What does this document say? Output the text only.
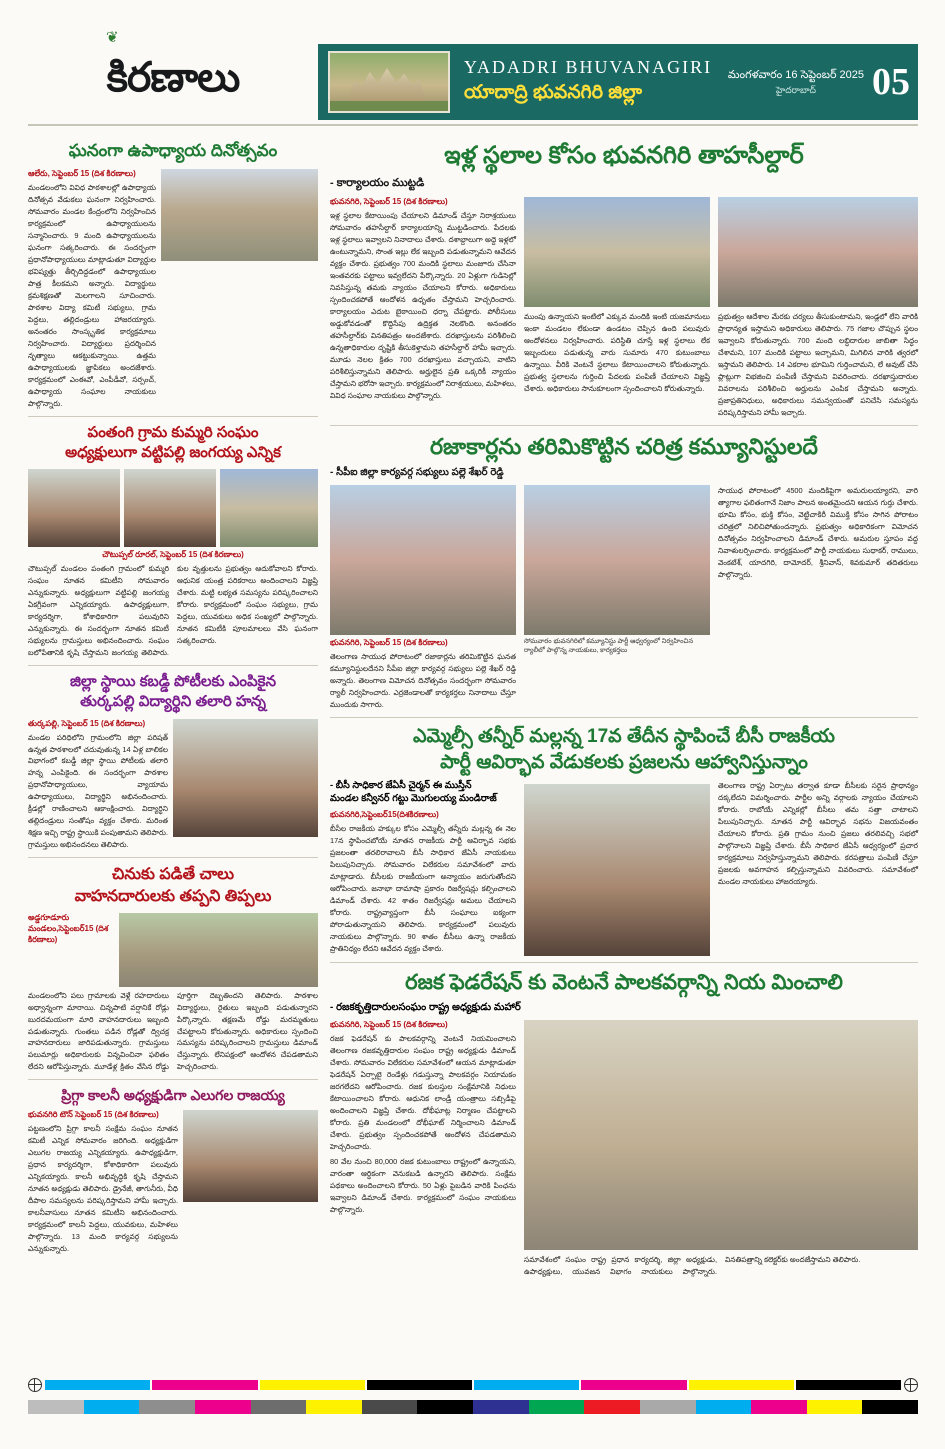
కిరణాలు
❦
YADADRI BHUVANAGIRI
యాదాద్రి భువనగిరి జిల్లా
మంగళవారం 16 సెప్టెంబర్ 2025
హైదరాబాద్	05
ఘనంగా ఉపాధ్యాయ దినోత్సవం
ఆలేరు, సెప్టెంబర్ 15 (దిశ కిరణాలు)
మండలంలోని వివిధ పాఠశాలల్లో ఉపాధ్యాయ దినోత్సవ వేడుకలు ఘనంగా నిర్వహించారు. సోమవారం మండల కేంద్రంలోని నిర్వహించిన కార్యక్రమంలో ఉపాధ్యాయులను సన్మానించారు. 9 మంది ఉపాధ్యాయులను ఘనంగా సత్కరించారు. ఈ సందర్భంగా ప్రధానోపాధ్యాయులు మాట్లాడుతూ విద్యార్థుల భవిష్యత్తు తీర్చిదిద్దడంలో ఉపాధ్యాయుల పాత్ర కీలకమని అన్నారు. విద్యార్థులు క్రమశిక్షణతో మెలగాలని సూచించారు. పాఠశాల విద్యా కమిటీ సభ్యులు, గ్రామ పెద్దలు, తల్లిదండ్రులు హాజరయ్యారు. అనంతరం సాంస్కృతిక కార్యక్రమాలు నిర్వహించారు. విద్యార్థులు ప్రదర్శించిన నృత్యాలు ఆకట్టుకున్నాయి. ఉత్తమ ఉపాధ్యాయులకు జ్ఞాపికలు అందజేశారు. కార్యక్రమంలో ఎంఈవో, ఎంపీడీవో, సర్పంచ్, ఉపాధ్యాయ సంఘాల నాయకులు పాల్గొన్నారు.
పంతంగి గ్రామ కుమ్మరి సంఘం
అధ్యక్షులుగా వట్టిపల్లి జంగయ్య ఎన్నిక
చౌటుప్పల్ రూరల్, సెప్టెంబర్ 15 (దిశ కిరణాలు)
చౌటుప్పల్ మండలం పంతంగి గ్రామంలో కుమ్మరి సంఘం నూతన కమిటీని సోమవారం ఎన్నుకున్నారు. అధ్యక్షులుగా వట్టిపల్లి జంగయ్య ఏకగ్రీవంగా ఎన్నికయ్యారు. ఉపాధ్యక్షులుగా, కార్యదర్శిగా, కోశాధికారిగా పలువురిని ఎన్నుకున్నారు. ఈ సందర్భంగా నూతన కమిటీ సభ్యులను గ్రామస్తులు అభినందించారు. సంఘం బలోపేతానికి కృషి చేస్తామని జంగయ్య తెలిపారు. కుల వృత్తులను ప్రభుత్వం ఆదుకోవాలని కోరారు. ఆధునిక యంత్ర పరికరాలు అందించాలని విజ్ఞప్తి చేశారు. మట్టి లభ్యత సమస్యను పరిష్కరించాలని కోరారు. కార్యక్రమంలో సంఘం సభ్యులు, గ్రామ పెద్దలు, యువకులు అధిక సంఖ్యలో పాల్గొన్నారు. నూతన కమిటీకి పూలమాలలు వేసి ఘనంగా సత్కరించారు.
జిల్లా స్థాయి కబడ్డీ పోటీలకు ఎంపికైన
తుర్కపల్లి విద్యార్థిని తలారి హన్న
తుర్కపల్లి, సెప్టెంబర్ 15 (దిశ కిరణాలు)
మండల పరిధిలోని గ్రామంలోని జిల్లా పరిషత్ ఉన్నత పాఠశాలలో చదువుతున్న 14 ఏళ్ల బాలికల విభాగంలో కబడ్డీ జిల్లా స్థాయి పోటీలకు తలారి హన్న ఎంపికైంది. ఈ సందర్భంగా పాఠశాల ప్రధానోపాధ్యాయులు, వ్యాయామ ఉపాధ్యాయులు, విద్యార్థిని అభినందించారు. క్రీడల్లో రాణించాలని ఆకాంక్షించారు. విద్యార్థిని తల్లిదండ్రులు సంతోషం వ్యక్తం చేశారు. మరింత శిక్షణ ఇచ్చి రాష్ట్ర స్థాయికి పంపుతామని తెలిపారు. గ్రామస్తులు అభినందనలు తెలిపారు.
చినుకు పడితే చాలు
వాహనదారులకు తప్పని తిప్పలు
అడ్డగూడూరు
మండలం,సెప్టెంబర్15 (దిశ కిరణాలు)
మండలంలోని పలు గ్రామాలకు వెళ్లే రహదారులు అధ్వాన్నంగా మారాయి. చిన్నపాటి వర్షానికే రోడ్లు బురదమయంగా మారి వాహనదారులు ఇబ్బంది పడుతున్నారు. గుంతలు పడిన రోడ్లతో ద్విచక్ర వాహనదారులు జారిపడుతున్నారు. గ్రామస్తులు పలుమార్లు అధికారులకు విన్నవించినా ఫలితం లేదని ఆరోపిస్తున్నారు. మూడేళ్ల క్రితం వేసిన రోడ్డు పూర్తిగా దెబ్బతిందని తెలిపారు. పాఠశాల విద్యార్థులు, రైతులు ఇబ్బంది పడుతున్నారని పేర్కొన్నారు. తక్షణమే రోడ్డు మరమ్మతులు చేపట్టాలని కోరుతున్నారు. అధికారులు స్పందించి సమస్యను పరిష్కరించాలని గ్రామస్తులు డిమాండ్ చేస్తున్నారు. లేనిపక్షంలో ఆందోళన చేపడతామని హెచ్చరించారు.
ప్రిగ్గా కాలనీ అధ్యక్షుడిగా ఎలుగల రాజయ్య
భువనగిరి టౌన్ సెప్టెంబర్ 15 (దిశ కిరణాలు)
పట్టణంలోని ప్రిగ్గా కాలనీ సంక్షేమ సంఘం నూతన కమిటీ ఎన్నిక సోమవారం జరిగింది. అధ్యక్షుడిగా ఎలుగల రాజయ్య ఎన్నికయ్యారు. ఉపాధ్యక్షుడిగా, ప్రధాన కార్యదర్శిగా, కోశాధికారిగా పలువురు ఎన్నికయ్యారు. కాలనీ అభివృద్ధికి కృషి చేస్తామని నూతన అధ్యక్షుడు తెలిపారు. డ్రైనేజీ, తాగునీరు, వీధి దీపాల సమస్యలను పరిష్కరిస్తామని హామీ ఇచ్చారు. కాలనీవాసులు నూతన కమిటీని అభినందించారు. కార్యక్రమంలో కాలనీ పెద్దలు, యువకులు, మహిళలు పాల్గొన్నారు. 13 మంది కార్యవర్గ సభ్యులను ఎన్నుకున్నారు.
ఇళ్ల స్థలాల కోసం భువనగిరి తాహసీల్దార్
- కార్యాలయం ముట్టడి
భువనగిరి, సెప్టెంబర్ 15 (దిశ కిరణాలు)
ఇళ్ల స్థలాల కేటాయింపు చేయాలని డిమాండ్ చేస్తూ నిరాశ్రయులు సోమవారం తహసీల్దార్ కార్యాలయాన్ని ముట్టడించారు. పేదలకు ఇళ్ల స్థలాలు ఇవ్వాలని నినాదాలు చేశారు. దశాబ్దాలుగా అద్దె ఇళ్లలో ఉంటున్నామని, సొంత ఇల్లు లేక ఇబ్బంది పడుతున్నామని ఆవేదన వ్యక్తం చేశారు. ప్రభుత్వం 700 మందికి స్థలాలు మంజూరు చేసినా ఇంతవరకు పట్టాలు ఇవ్వలేదని పేర్కొన్నారు. 20 ఏళ్లుగా గుడిసెల్లో నివసిస్తున్న తమకు న్యాయం చేయాలని కోరారు. అధికారులు స్పందించకపోతే ఆందోళన ఉధృతం చేస్తామని హెచ్చరించారు. కార్యాలయం ఎదుట బైఠాయించి ధర్నా చేపట్టారు. పోలీసులు అడ్డుకోవడంతో కొద్దిసేపు ఉద్రిక్తత నెలకొంది. అనంతరం తహసీల్దార్‌కు వినతిపత్రం అందజేశారు. దరఖాస్తులను పరిశీలించి ఉన్నతాధికారుల దృష్టికి తీసుకెళ్తామని తహసీల్దార్ హామీ ఇచ్చారు. మూడు నెలల క్రితం 700 దరఖాస్తులు వచ్చాయని, వాటిని పరిశీలిస్తున్నామని తెలిపారు. అర్హులైన ప్రతి ఒక్కరికీ న్యాయం చేస్తామని భరోసా ఇచ్చారు. కార్యక్రమంలో నిరాశ్రయులు, మహిళలు, వివిధ సంఘాల నాయకులు పాల్గొన్నారు.
ముంపు ఉన్నాయని ఇంటిలో ఎక్కువ మందికి ఇంటి యజమానులు ఇంకా మండలం లేకుండా ఉండటం చెప్పిన ఉంది పలువురు ఆందోళనలు నిర్వహించారు. పరిస్థితి చూస్తే ఇళ్ల స్థలాలు లేక ఇబ్బందులు పడుతున్న వారు సుమారు 470 కుటుంబాలు ఉన్నాయి. వీరికి వెంటనే స్థలాలు కేటాయించాలని కోరుతున్నారు. ప్రభుత్వ స్థలాలను గుర్తించి పేదలకు పంపిణీ చేయాలని విజ్ఞప్తి చేశారు. అధికారులు సానుకూలంగా స్పందించాలని కోరుతున్నారు.
ప్రభుత్వం ఆదేశాల మేరకు చర్యలు తీసుకుంటామని, ఇండ్లలో లేని వారికి ప్రాధాన్యత ఇస్తామని అధికారులు తెలిపారు. 75 గజాల చొప్పున స్థలం ఇవ్వాలని కోరుతున్నారు. 700 మంది లబ్ధిదారుల జాబితా సిద్ధం చేశామని, 107 మందికి పట్టాలు ఇచ్చామని, మిగిలిన వారికి త్వరలో ఇస్తామని తెలిపారు. 14 ఎకరాల భూమిని గుర్తించామని, లే అవుట్ చేసి ప్లాట్లుగా విభజించి పంపిణీ చేస్తామని వివరించారు. దరఖాస్తుదారుల వివరాలను పరిశీలించి అర్హులను ఎంపిక చేస్తామని అన్నారు. ప్రజాప్రతినిధులు, అధికారులు సమన్వయంతో పనిచేసి సమస్యను పరిష్కరిస్తామని హామీ ఇచ్చారు.
రజాకార్లను తరిమికొట్టిన చరిత్ర కమ్యూనిస్టులదే
- సీపీఐ జిల్లా కార్యవర్గ సభ్యులు పల్లె శేఖర్ రెడ్డి
భువనగిరి, సెప్టెంబర్ 15 (దిశ కిరణాలు)
తెలంగాణ సాయుధ పోరాటంలో రజాకార్లను తరిమికొట్టిన ఘనత కమ్యూనిస్టులదేనని సీపీఐ జిల్లా కార్యవర్గ సభ్యులు పల్లె శేఖర్ రెడ్డి అన్నారు. తెలంగాణ విమోచన దినోత్సవం సందర్భంగా సోమవారం ర్యాలీ నిర్వహించారు. ఎర్రజెండాలతో కార్యకర్తలు నినాదాలు చేస్తూ ముందుకు సాగారు.
సోమవారం భువనగిరిలో కమ్యూనిస్టు పార్టీ ఆధ్వర్యంలో నిర్వహించిన ర్యాలీలో పాల్గొన్న నాయకులు, కార్యకర్తలు
సాయుధ పోరాటంలో 4500 మందికిపైగా అమరులయ్యారని, వారి త్యాగాల ఫలితంగానే నిజాం పాలన అంతమైందని ఆయన గుర్తు చేశారు. భూమి కోసం, భుక్తి కోసం, వెట్టిచాకిరీ విముక్తి కోసం సాగిన పోరాటం చరిత్రలో నిలిచిపోతుందన్నారు. ప్రభుత్వం అధికారికంగా విమోచన దినోత్సవం నిర్వహించాలని డిమాండ్ చేశారు. అమరుల స్తూపం వద్ద నివాళులర్పించారు. కార్యక్రమంలో పార్టీ నాయకులు సుధాకర్, రాములు, వెంకటేశ్, యాదగిరి, దామోదర్, శ్రీనివాస్, శివకుమార్ తదితరులు పాల్గొన్నారు.
ఎమ్మెల్సీ తన్నీర్ మల్లన్న 17వ తేదీన స్థాపించే బీసీ రాజకీయ
పార్టీ ఆవిర్భావ వేడుకలకు ప్రజలను ఆహ్వానిస్తున్నాం
- బీసీ సాధికార జేఏసీ చైర్మన్ ఈ ముస్తీన్
మండల కన్వీనర్ గట్టు మొగులయ్య మండిరాజ్
భువనగిరి,సెప్టెంబర్15(దిశకిరణాలు)
బీసీల రాజకీయ హక్కుల కోసం ఎమ్మెల్సీ తన్నీరు మల్లన్న ఈ నెల 17న స్థాపించబోయే నూతన రాజకీయ పార్టీ ఆవిర్భావ సభకు ప్రజలంతా తరలిరావాలని బీసీ సాధికార జేఏసీ నాయకులు పిలుపునిచ్చారు. సోమవారం విలేకరుల సమావేశంలో వారు మాట్లాడారు. బీసీలకు రాజకీయంగా అన్యాయం జరుగుతోందని ఆరోపించారు. జనాభా దామాషా ప్రకారం రిజర్వేషన్లు కల్పించాలని డిమాండ్ చేశారు. 42 శాతం రిజర్వేషన్లు అమలు చేయాలని కోరారు. రాష్ట్రవ్యాప్తంగా బీసీ సంఘాలు ఐక్యంగా పోరాడుతున్నాయని తెలిపారు. కార్యక్రమంలో పలువురు నాయకులు పాల్గొన్నారు. 90 శాతం బీసీలు ఉన్నా రాజకీయ ప్రాతినిధ్యం లేదని ఆవేదన వ్యక్తం చేశారు.
తెలంగాణ రాష్ట్ర ఏర్పాటు తర్వాత కూడా బీసీలకు సరైన ప్రాధాన్యం దక్కలేదని విమర్శించారు. పార్టీల అన్ని వర్గాలకు న్యాయం చేయాలని కోరారు. రాబోయే ఎన్నికల్లో బీసీలు తమ సత్తా చాటాలని పిలుపునిచ్చారు. నూతన పార్టీ ఆవిర్భావ సభను విజయవంతం చేయాలని కోరారు. ప్రతి గ్రామం నుంచి ప్రజలు తరలివచ్చి సభలో పాల్గొనాలని విజ్ఞప్తి చేశారు. బీసీ సాధికార జేఏసీ ఆధ్వర్యంలో ప్రచార కార్యక్రమాలు నిర్వహిస్తున్నామని తెలిపారు. కరపత్రాలు పంపిణీ చేస్తూ ప్రజలకు అవగాహన కల్పిస్తున్నామని వివరించారు. సమావేశంలో మండల నాయకులు హాజరయ్యారు.
రజక ఫెడరేషన్ కు వెంటనే పాలకవర్గాన్ని నియ మించాలి
- రజకకృత్తిదారులసంఘం రాష్ట్ర అధ్యక్షుడు మహార్
భువనగిరి, సెప్టెంబర్ 15 (దిశ కిరణాలు)
రజక ఫెడరేషన్ కు పాలకవర్గాన్ని వెంటనే నియమించాలని తెలంగాణ రజకవృత్తిదారుల సంఘం రాష్ట్ర అధ్యక్షుడు డిమాండ్ చేశారు. సోమవారం విలేకరుల సమావేశంలో ఆయన మాట్లాడుతూ ఫెడరేషన్ ఏర్పాటై రెండేళ్లు గడుస్తున్నా పాలకవర్గం నియామకం జరగలేదని ఆరోపించారు. రజక కులస్తుల సంక్షేమానికి నిధులు కేటాయించాలని కోరారు. ఆధునిక లాండ్రీ యంత్రాలు సబ్సిడీపై అందించాలని విజ్ఞప్తి చేశారు. దోభీఘాట్ల నిర్మాణం చేపట్టాలని కోరారు. ప్రతి మండలంలో దోభీఘాట్ నిర్మించాలని డిమాండ్ చేశారు. ప్రభుత్వం స్పందించకపోతే ఆందోళన చేపడతామని హెచ్చరించారు.
80 వేల నుంచి 80,000 రజక కుటుంబాలు రాష్ట్రంలో ఉన్నాయని, వారంతా ఆర్థికంగా వెనుకబడి ఉన్నారని తెలిపారు. సంక్షేమ పథకాలు అందించాలని కోరారు. 50 ఏళ్లు పైబడిన వారికి పింఛను ఇవ్వాలని డిమాండ్ చేశారు. కార్యక్రమంలో సంఘం నాయకులు పాల్గొన్నారు.
సమావేశంలో సంఘం రాష్ట్ర ప్రధాన కార్యదర్శి, జిల్లా అధ్యక్షుడు, ఉపాధ్యక్షులు, యువజన విభాగం నాయకులు పాల్గొన్నారు. వినతిపత్రాన్ని కలెక్టర్‌కు అందజేస్తామని తెలిపారు.
